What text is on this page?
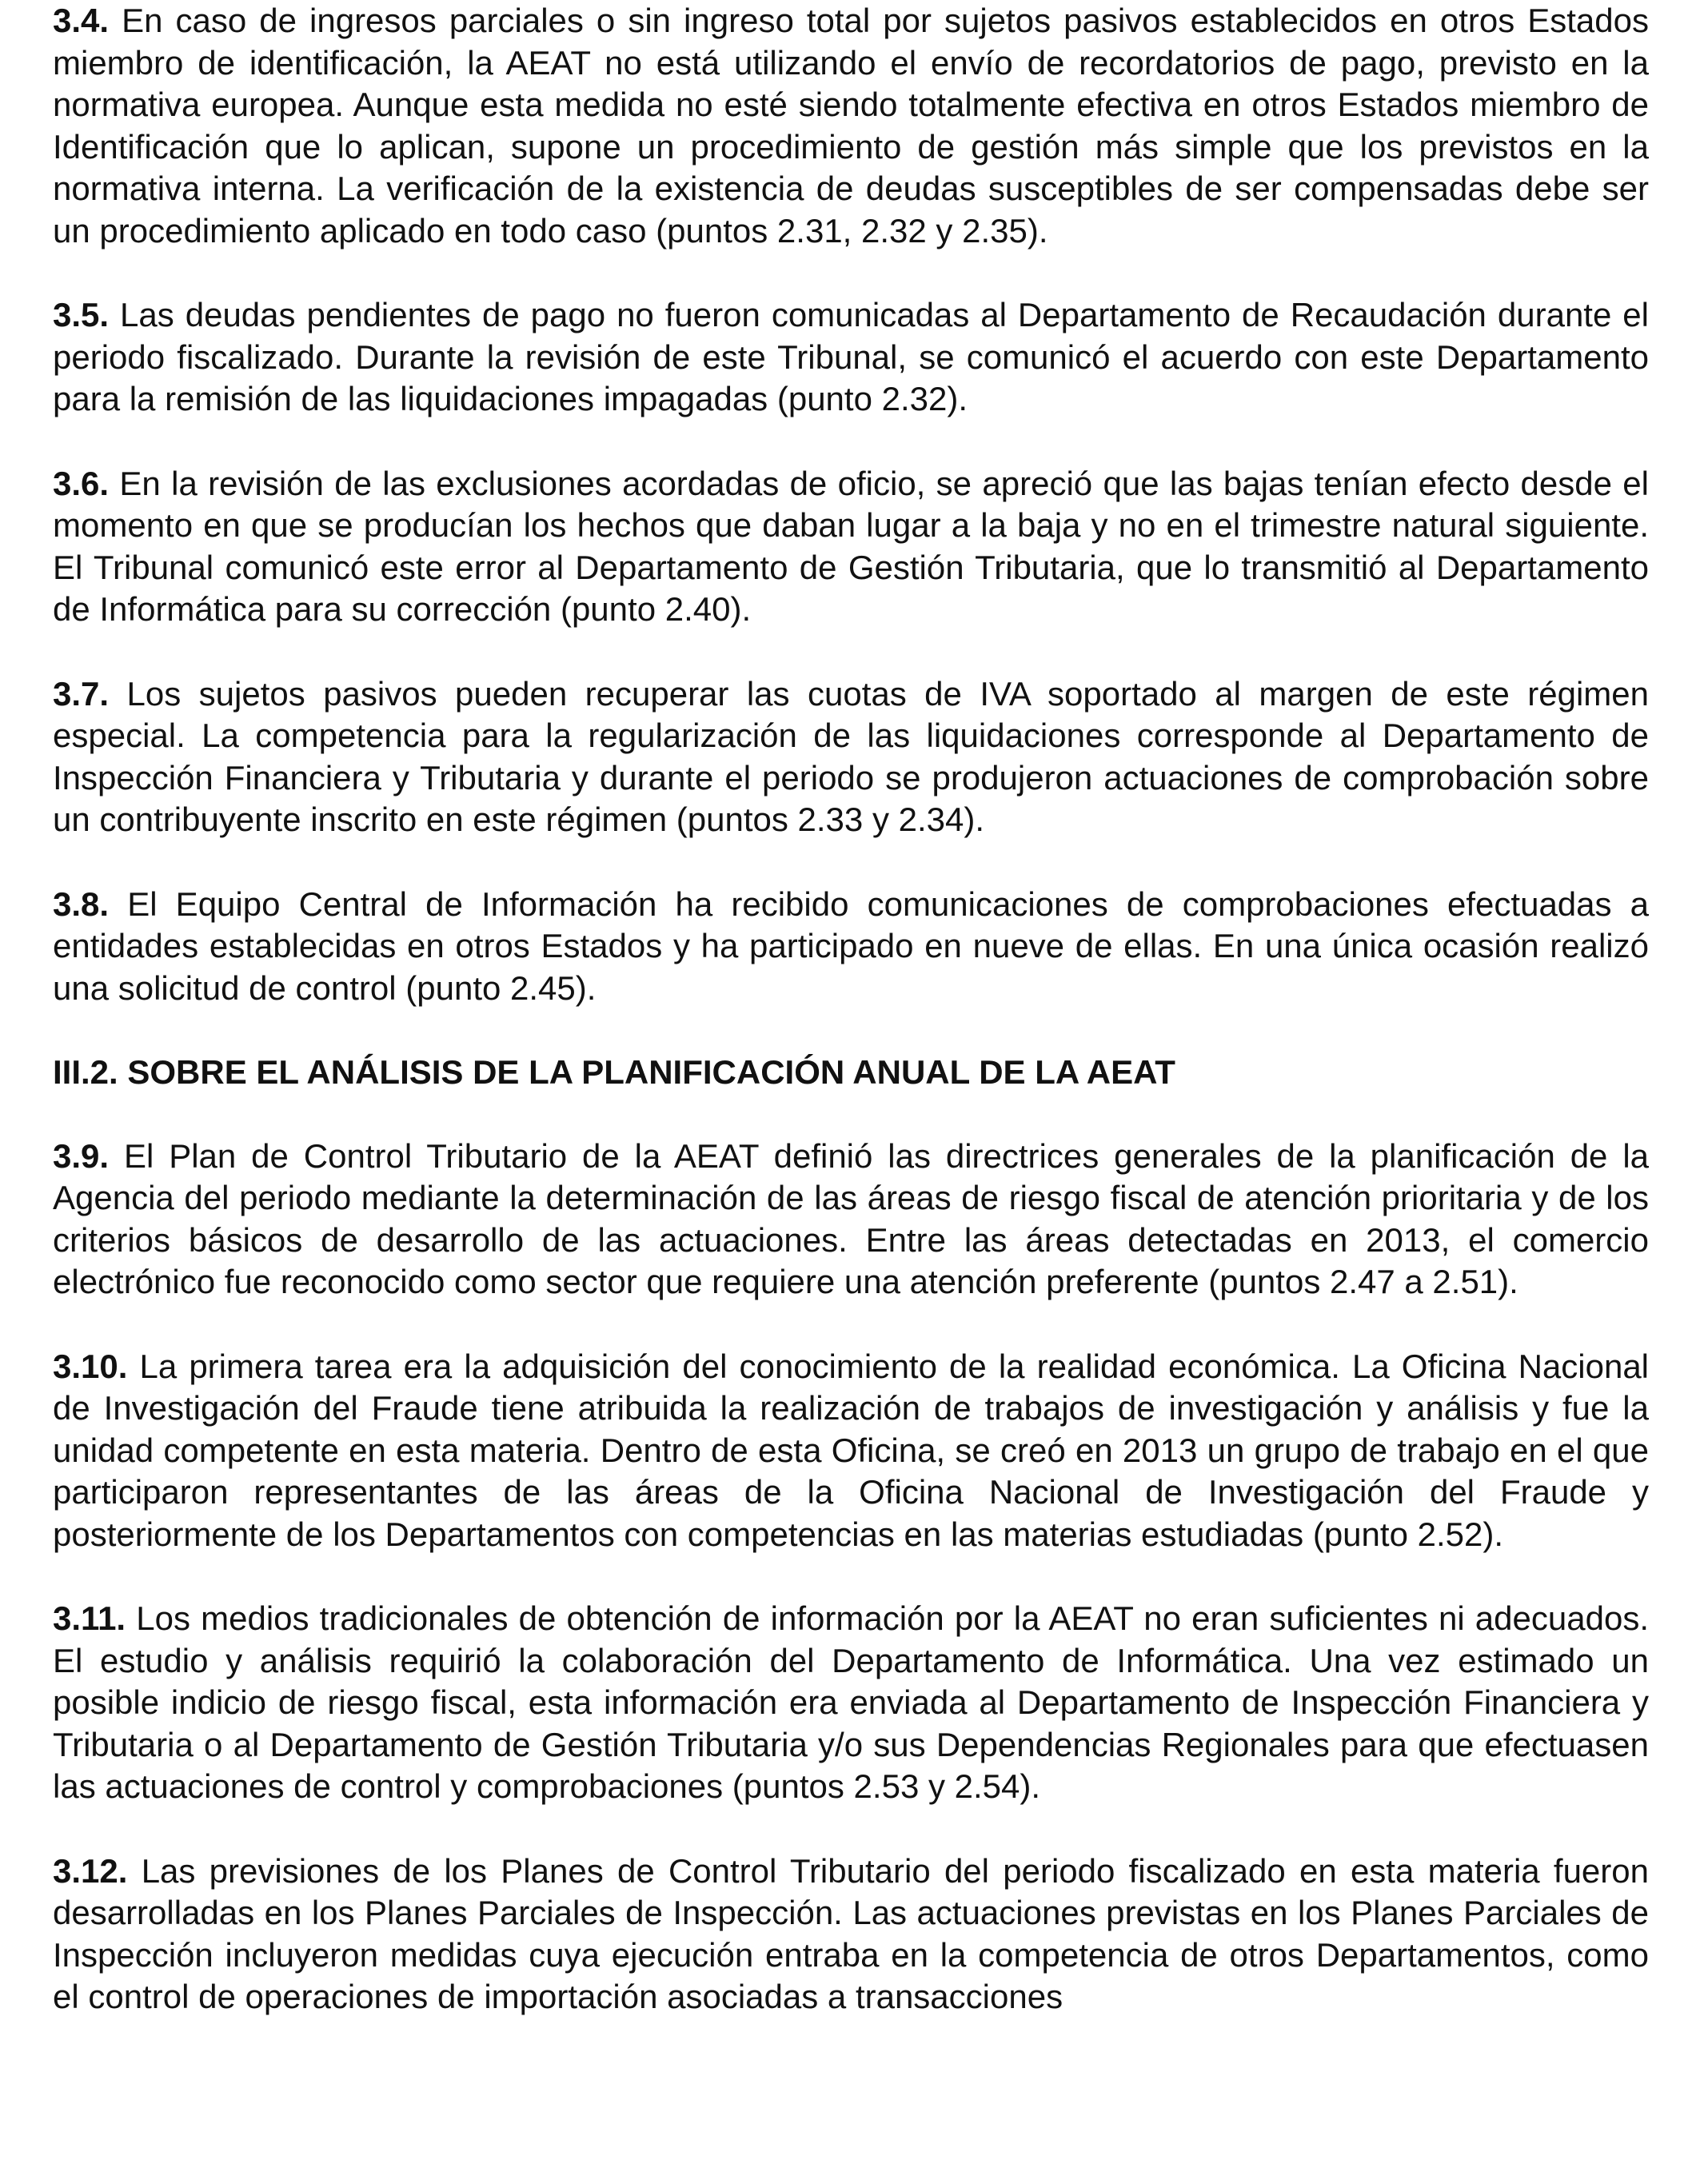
3.4. En caso de ingresos parciales o sin ingreso total por sujetos pasivos establecidos en otros Estados miembro de identificación, la AEAT no está utilizando el envío de recordatorios de pago, previsto en la normativa europea. Aunque esta medida no esté siendo totalmente efectiva en otros Estados miembro de Identificación que lo aplican, supone un procedimiento de gestión más simple que los previstos en la normativa interna. La verificación de la existencia de deudas susceptibles de ser compensadas debe ser un procedimiento aplicado en todo caso (puntos 2.31, 2.32 y 2.35).

3.5. Las deudas pendientes de pago no fueron comunicadas al Departamento de Recaudación durante el periodo fiscalizado. Durante la revisión de este Tribunal, se comunicó el acuerdo con este Departamento para la remisión de las liquidaciones impagadas (punto 2.32).

3.6. En la revisión de las exclusiones acordadas de oficio, se apreció que las bajas tenían efecto desde el momento en que se producían los hechos que daban lugar a la baja y no en el trimestre natural siguiente. El Tribunal comunicó este error al Departamento de Gestión Tributaria, que lo transmitió al Departamento de Informática para su corrección (punto 2.40).

3.7. Los sujetos pasivos pueden recuperar las cuotas de IVA soportado al margen de este régimen especial. La competencia para la regularización de las liquidaciones corresponde al Departamento de Inspección Financiera y Tributaria y durante el periodo se produjeron actuaciones de comprobación sobre un contribuyente inscrito en este régimen (puntos 2.33 y 2.34).

3.8. El Equipo Central de Información ha recibido comunicaciones de comprobaciones efectuadas a entidades establecidas en otros Estados y ha participado en nueve de ellas. En una única ocasión realizó una solicitud de control (punto 2.45).

III.2. SOBRE EL ANÁLISIS DE LA PLANIFICACIÓN ANUAL DE LA AEAT

3.9. El Plan de Control Tributario de la AEAT definió las directrices generales de la planificación de la Agencia del periodo mediante la determinación de las áreas de riesgo fiscal de atención prioritaria y de los criterios básicos de desarrollo de las actuaciones. Entre las áreas detectadas en 2013, el comercio electrónico fue reconocido como sector que requiere una atención preferente (puntos 2.47 a 2.51).

3.10. La primera tarea era la adquisición del conocimiento de la realidad económica. La Oficina Nacional de Investigación del Fraude tiene atribuida la realización de trabajos de investigación y análisis y fue la unidad competente en esta materia. Dentro de esta Oficina, se creó en 2013 un grupo de trabajo en el que participaron representantes de las áreas de la Oficina Nacional de Investigación del Fraude y posteriormente de los Departamentos con competencias en las materias estudiadas (punto 2.52).

3.11. Los medios tradicionales de obtención de información por la AEAT no eran suficientes ni adecuados. El estudio y análisis requirió la colaboración del Departamento de Informática. Una vez estimado un posible indicio de riesgo fiscal, esta información era enviada al Departamento de Inspección Financiera y Tributaria o al Departamento de Gestión Tributaria y/o sus Dependencias Regionales para que efectuasen las actuaciones de control y comprobaciones (puntos 2.53 y 2.54).

3.12. Las previsiones de los Planes de Control Tributario del periodo fiscalizado en esta materia fueron desarrolladas en los Planes Parciales de Inspección. Las actuaciones previstas en los Planes Parciales de Inspección incluyeron medidas cuya ejecución entraba en la competencia de otros Departamentos, como el control de operaciones de importación asociadas a transacciones
